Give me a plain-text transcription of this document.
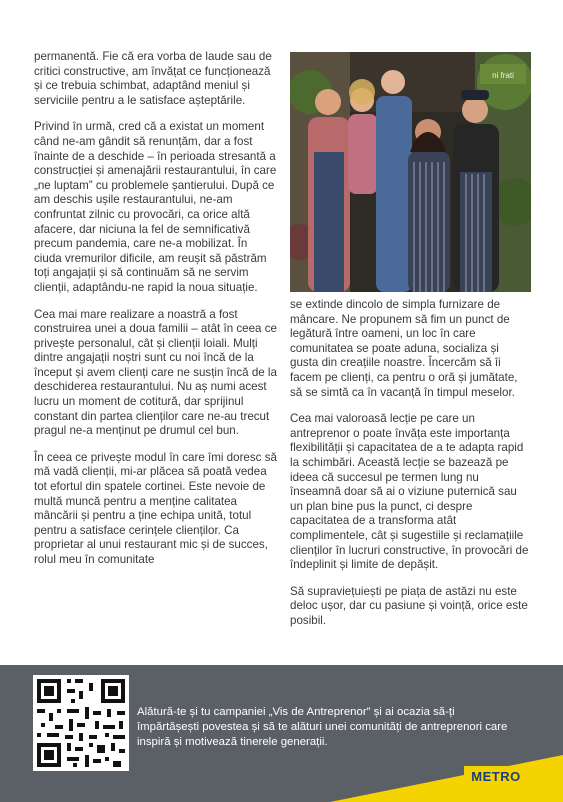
permanentă. Fie că era vorba de laude sau de critici constructive, am învățat ce funcționează și ce trebuia schimbat, adaptând meniul și serviciile pentru a le satisface așteptările.

Privind în urmă, cred că a existat un moment când ne-am gândit să renunțăm, dar a fost înainte de a deschide – în perioada stresantă a construcției și amenajării restaurantului, în care „ne luptam” cu problemele șantierului. După ce am deschis ușile restaurantului, ne-am confruntat zilnic cu provocări, ca orice altă afacere, dar niciuna la fel de semnificativă precum pandemia, care ne-a mobilizat. În ciuda vremurilor dificile, am reușit să păstrăm toți angajații și să continuăm să ne servim clienții, adaptându-ne rapid la noua situație.

Cea mai mare realizare a noastră a fost construirea unei a doua familii – atât în ceea ce privește personalul, cât și clienții loiali. Mulți dintre angajații noștri sunt cu noi încă de la început și avem clienți care ne susțin încă de la deschiderea restaurantului. Nu aș numi acest lucru un moment de cotitură, dar sprijinul constant din partea clienților care ne-au trecut pragul ne-a menținut pe drumul cel bun.

În ceea ce privește modul în care îmi doresc să mă vadă clienții, mi-ar plăcea să poată vedea tot efortul din spatele cortinei. Este nevoie de multă muncă pentru a menține calitatea mâncării și pentru a ține echipa unită, totul pentru a satisface cerințele clienților. Ca proprietar al unui restaurant mic și de succes, rolul meu în comunitate

ni frati

se extinde dincolo de simpla furnizare de mâncare. Ne propunem să fim un punct de legătură între oameni, un loc în care comunitatea se poate aduna, socializa și gusta din creațiile noastre. Încercăm să îi facem pe clienți, ca pentru o oră și jumătate, să se simtă ca în vacanță în timpul meselor.

Cea mai valoroasă lecție pe care un antreprenor o poate învăța este importanța flexibilității și capacitatea de a te adapta rapid la schimbări. Această lecție se bazează pe ideea că succesul pe termen lung nu înseamnă doar să ai o viziune puternică sau un plan bine pus la punct, ci despre capacitatea de a transforma atât complimentele, cât și sugestiile și reclamațiile clienților în lucruri constructive, în provocări de îndeplinit și limite de depășit.

Să supraviețuiești pe piața de astăzi nu este deloc ușor, dar cu pasiune și voință, orice este posibil.

Alătură-te și tu campaniei „Vis de Antreprenor” și ai ocazia să-ți împărtășești povestea și să te alături unei comunități de antreprenori care inspiră și motivează tinerele generații.
METRO
